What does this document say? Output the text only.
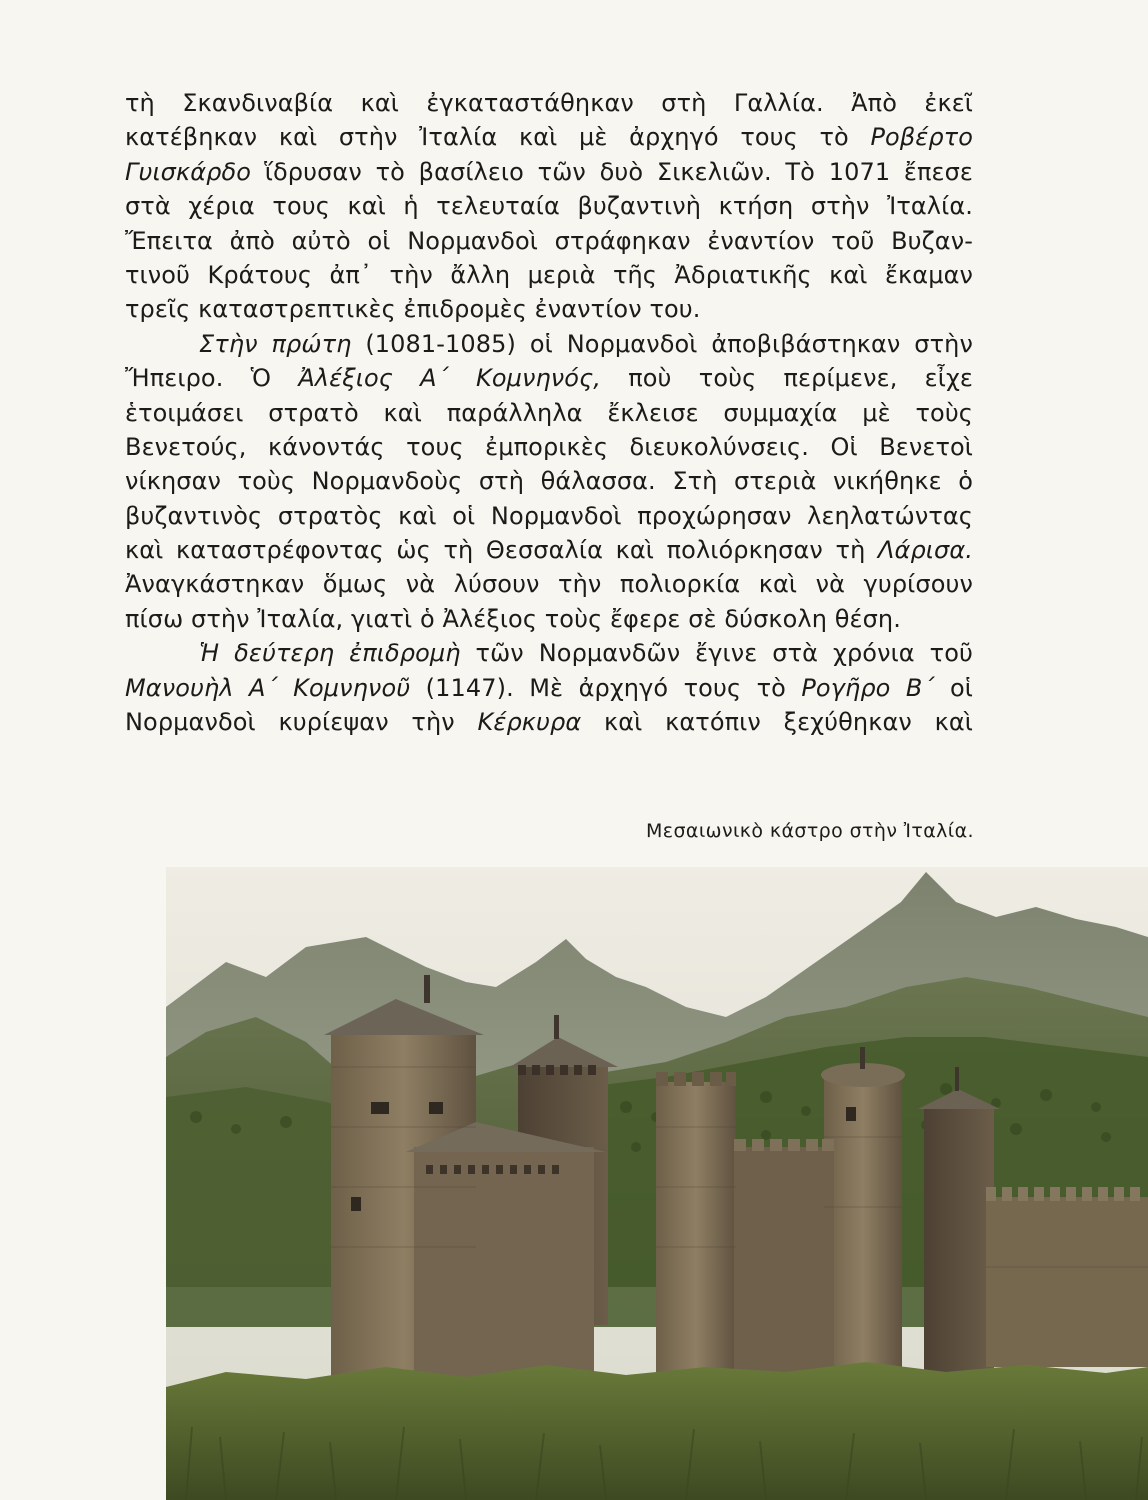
τὴ Σκανδιναβία καὶ ἐγκαταστάθηκαν στὴ Γαλλία. Ἀπὸ ἐκεῖ
κατέβηκαν καὶ στὴν Ἰταλία καὶ μὲ ἀρχηγό τους τὸ Ροβέρτο
Γυισκάρδο ἵδρυσαν τὸ βασίλειο τῶν δυὸ Σικελιῶν. Τὸ 1071 ἔπεσε
στὰ χέρια τους καὶ ἡ τελευταία βυζαντινὴ κτήση στὴν Ἰταλία.
Ἔπειτα ἀπὸ αὐτὸ οἱ Νορμανδοὶ στράφηκαν ἐναντίον τοῦ Βυζαν-
τινοῦ Κράτους ἀπ᾽ τὴν ἄλλη μεριὰ τῆς Ἀδριατικῆς καὶ ἔκαμαν
τρεῖς καταστρεπτικὲς ἐπιδρομὲς ἐναντίον του.
Στὴν πρώτη (1081-1085) οἱ Νορμανδοὶ ἀποβιβάστηκαν στὴν
Ἤπειρο. Ὁ Ἀλέξιος Α΄ Κομνηνός, ποὺ τοὺς περίμενε, εἶχε
ἑτοιμάσει στρατὸ καὶ παράλληλα ἔκλεισε συμμαχία μὲ τοὺς
Βενετούς, κάνοντάς τους ἐμπορικὲς διευκολύνσεις. Οἱ Βενετοὶ
νίκησαν τοὺς Νορμανδοὺς στὴ θάλασσα. Στὴ στεριὰ νικήθηκε ὁ
βυζαντινὸς στρατὸς καὶ οἱ Νορμανδοὶ προχώρησαν λεηλατώντας
καὶ καταστρέφοντας ὡς τὴ Θεσσαλία καὶ πολιόρκησαν τὴ Λάρισα.
Ἀναγκάστηκαν ὅμως νὰ λύσουν τὴν πολιορκία καὶ νὰ γυρίσουν
πίσω στὴν Ἰταλία, γιατὶ ὁ Ἀλέξιος τοὺς ἔφερε σὲ δύσκολη θέση.
Ἡ δεύτερη ἐπιδρομὴ τῶν Νορμανδῶν ἔγινε στὰ χρόνια τοῦ
Μανουὴλ Α΄ Κομνηνοῦ (1147). Μὲ ἀρχηγό τους τὸ Ρογῆρο Β΄ οἱ
Νορμανδοὶ κυρίεψαν τὴν Κέρκυρα καὶ κατόπιν ξεχύθηκαν καὶ
Μεσαιωνικὸ κάστρο στὴν Ἰταλία.
